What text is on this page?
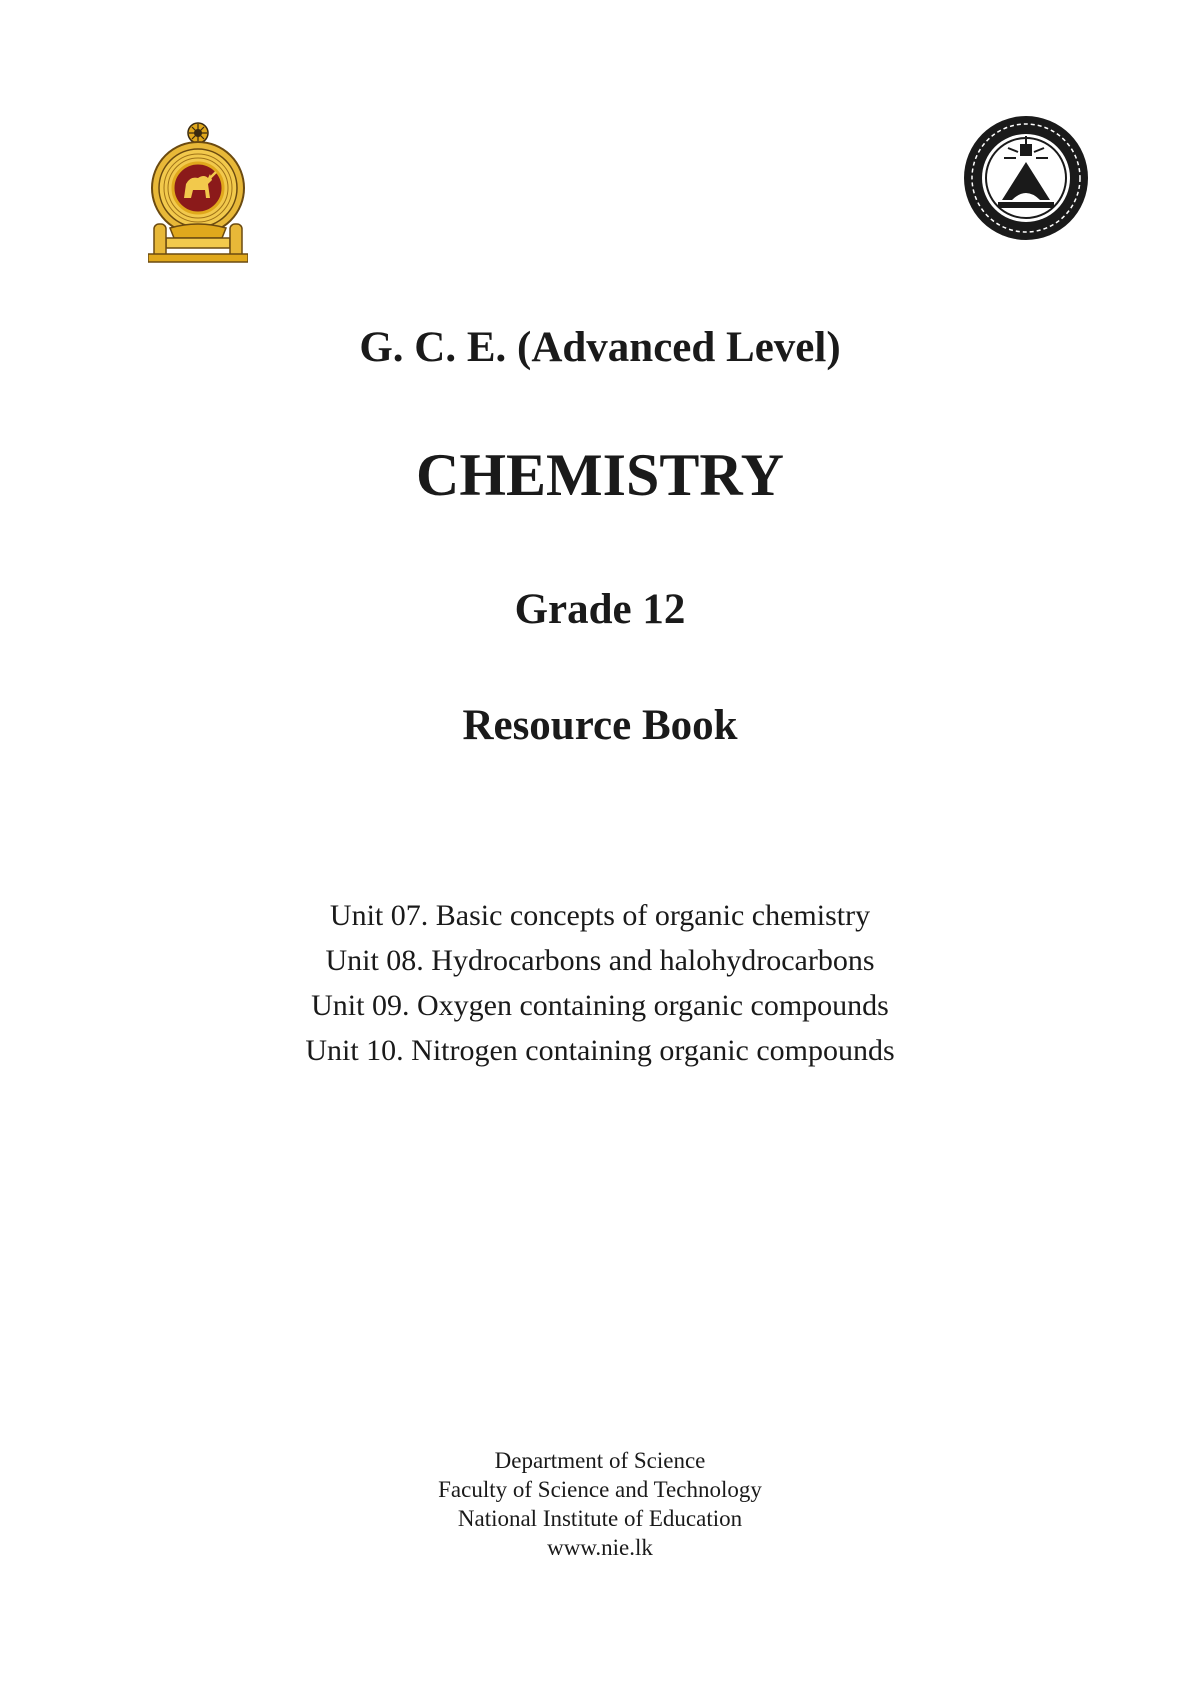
G. C. E. (Advanced Level)
CHEMISTRY
Grade 12
Resource Book
Unit 07. Basic concepts of organic chemistry
Unit 08. Hydrocarbons and halohydrocarbons
Unit 09. Oxygen containing organic compounds
Unit 10. Nitrogen containing organic compounds
Department of Science
Faculty of Science and Technology
National Institute of Education
www.nie.lk
